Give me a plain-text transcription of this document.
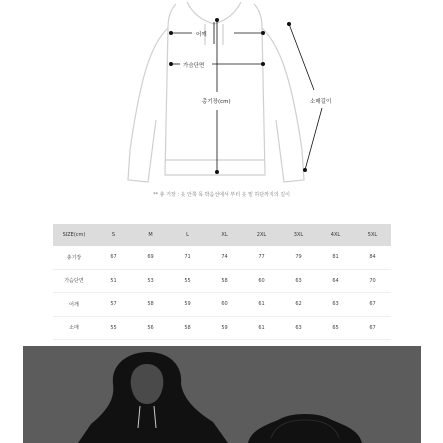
어깨
가슴단면
총기장(cm)	소매길이
** 총 기장 : 옷 안쪽 목 박음선에서 부터 옷 밑 하단까지의 길이
SIZE(cm)	S	M	L	XL	2XL	3XL	4XL	5XL
총기장	67	69	71	74	77	79	81	84
가슴단면	51	53	55	58	60	63	64	70
어깨	57	58	59	60	61	62	63	67
소매	55	56	58	59	61	63	65	67
